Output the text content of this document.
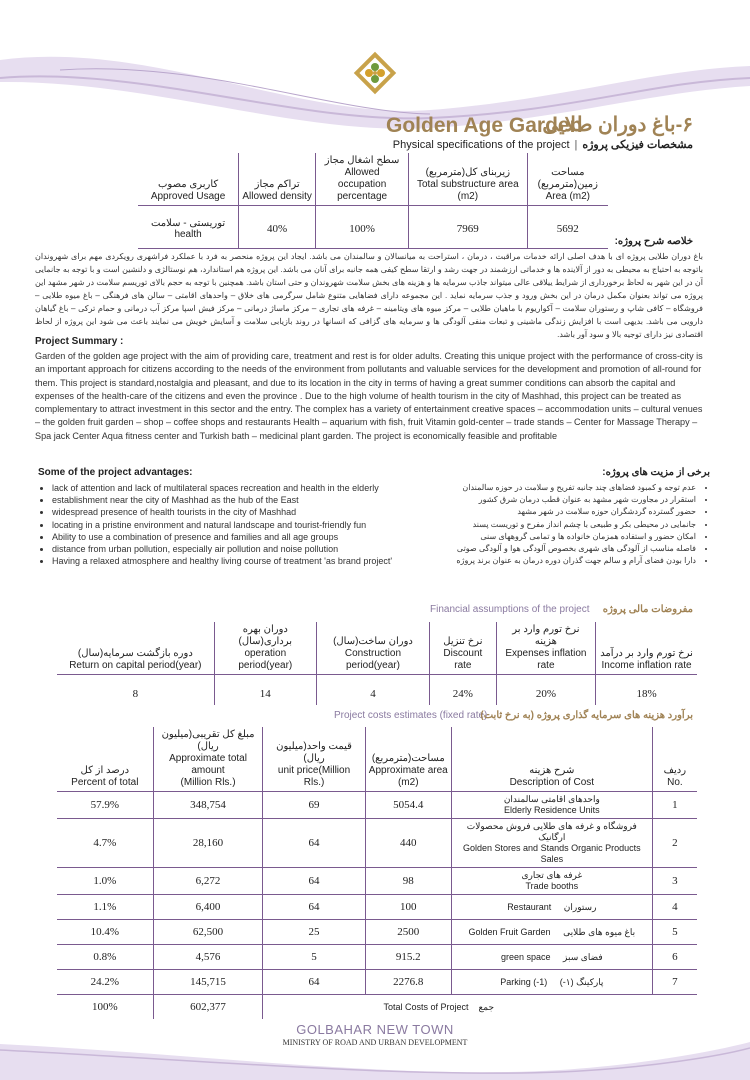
Golden Age Garden
۶-باغ دوران طلایی
Physical specifications of the project | مشخصات فیزیکی پروژه
کاربری مصوب
Approved Usage	تراکم مجاز
Allowed density	سطح اشغال مجاز
Allowed occupation percentage	زیربنای کل(مترمربع)
Total substructure area (m2)	مساحت زمین(مترمربع)
Area (m2)

توریستی - سلامت
health	40%	100%	7969	5692
خلاصه شرح پروژه:
باغ دوران طلایی پروژه ای با هدف اصلی ارائه خدمات مراقبت ، درمان ، استراحت به میانسالان و سالمندان می باشد. ایجاد این پروژه منحصر به فرد با عملکرد فراشهری رویکردی مهم برای شهروندان باتوجه به احتیاج به محیطی به دور از آلاینده ها و خدماتی ارزشمند در جهت رشد و ارتقا سطح کیفی همه جانبه برای آنان می باشد. این پروژه هم استاندارد، هم نوستالژی و دلنشین است و با توجه به جانمایی آن در این شهر به لحاظ برخورداری از شرایط ییلاقی عالی میتواند جاذب سرمایه ها و هزینه های بخش سلامت شهروندان و حتی استان باشد. همچنین با توجه به حجم بالای توریسم سلامت در شهر مشهد این پروژه می تواند بعنوان مکمل درمان در این بخش ورود و جذب سرمایه نماید . این مجموعه دارای فضاهایی متنوع شامل سرگرمی های خلاق – واحدهای اقامتی – سالن های فرهنگی – باغ میوه طلایی – فروشگاه – کافی شاپ و رستوران سلامت – آکواریوم با ماهیان طلایی – مرکز میوه های ویتامینه – غرفه های تجاری – مرکز ماساژ درمانی – مرکز فیش اسپا مرکز آب درمانی و حمام ترکی – باغ گیاهان دارویی می باشد. بدیهی است با افزایش زندگی ماشینی و تبعات منفی آلودگی ها و سرمایه های گزافی که انسانها در روند بازیابی سلامت و آسایش خویش می نمایند باعث می شود این پروژه از لحاظ اقتصادی نیز دارای توجیه بالا و سود آور باشد.
Project Summary :
Garden of the golden age project with the aim of providing care, treatment and rest is for older adults. Creating this unique project with the performance of cross-city is an important approach for citizens according to the needs of the environment from pollutants and valuable services for the development and promotion of all-round for them. This project is standard,nostalgia and pleasant, and due to its location in the city in terms of having a great summer conditions can absorb the capital and expenses of the health-care of the citizens and even the province . Due to the high volume of health tourism in the city of Mashhad, this project can be treated as complementary to attract investment in this sector and the entry. The complex has a variety of entertainment creative spaces – accommodation units – cultural venues – the golden fruit garden – shop – coffee shops and restaurants Health – aquarium with fish, fruit Vitamin gold-center – trade stands – Center for Massage Therapy – Spa jack Center Aqua fitness center and Turkish bath – medicinal plant garden. The project is economically feasible and profitable
Some of the project advantages:
• lack of attention and lack of multilateral spaces recreation and health in the elderly
• establishment near the city of Mashhad as the hub of the East
• widespread presence of health tourists in the city of Mashhad
• locating in a pristine environment and natural landscape and tourist-friendly fun
• Ability to use a combination of presence and families and all age groups
• distance from urban pollution, especially air pollution and noise pollution
• Having a relaxed atmosphere and healthy living course of treatment 'as brand project'
برخی از مزیت های پروژه:
• عدم توجه و کمبود فضاهای چند جانبه تفریح و سلامت در حوزه سالمندان
• استقرار در مجاورت شهر مشهد به عنوان قطب درمان شرق کشور
• حضور گسترده گردشگران حوزه سلامت در شهر مشهد
• جانمایی در محیطی بکر و طبیعی با چشم انداز مفرح و توریست پسند
• امکان حضور و استفاده همزمان خانواده ها و تمامی گروههای سنی
• فاصله مناسب از آلودگی های شهری بخصوص آلودگی هوا و آلودگی صوتی
• دارا بودن فضای آرام و سالم جهت گذران دوره درمان به عنوان برند پروژه
Financial assumptions of the project مفروضات مالی پروژه
دوره بازگشت سرمایه(سال)
Return on capital period(year)	دوران بهره برداری(سال)
operation period(year)	دوران ساخت(سال)
Construction period(year)	نرخ تنزیل
Discount rate	نرخ تورم وارد بر هزینه
Expenses inflation rate	نرخ تورم وارد بر درآمد
Income inflation rate
8	14	4	24%	20%	18%
Project costs estimates (fixed rate)
برآورد هزینه های سرمایه گذاری پروژه (به نرخ ثابت)
درصد از کل
Percent of total	مبلغ کل تقریبی(میلیون ریال)
Approximate total amount
(Million Rls.)	قیمت واحد(میلیون ریال)
unit price(Million Rls.)	مساحت(مترمربع)
Approximate area
(m2)	شرح هزینه
Description of Cost	ردیف
No.
57.9%	348,754	69	5054.4	واحدهای اقامتی سالمندان
Elderly Residence Units	1
4.7%	28,160	64	440	فروشگاه و غرفه های طلایی فروش محصولات ارگانیک
Golden Stores and Stands Organic Products Sales	2
1.0%	6,272	64	98	غرفه های تجاری
Trade booths	3
1.1%	6,400	64	100	Restaurant رستوران	4
10.4%	62,500	25	2500	Golden Fruit Garden باغ میوه های طلایی	5
0.8%	4,576	5	915.2	green space فضای سبز	6
24.2%	145,715	64	2276.8	Parking (-1) پارکینگ (۱-)	7
100%	602,377	Total Costs of Project جمع			
GOLBAHAR NEW TOWN
MINISTRY OF ROAD AND URBAN DEVELOPMENT
